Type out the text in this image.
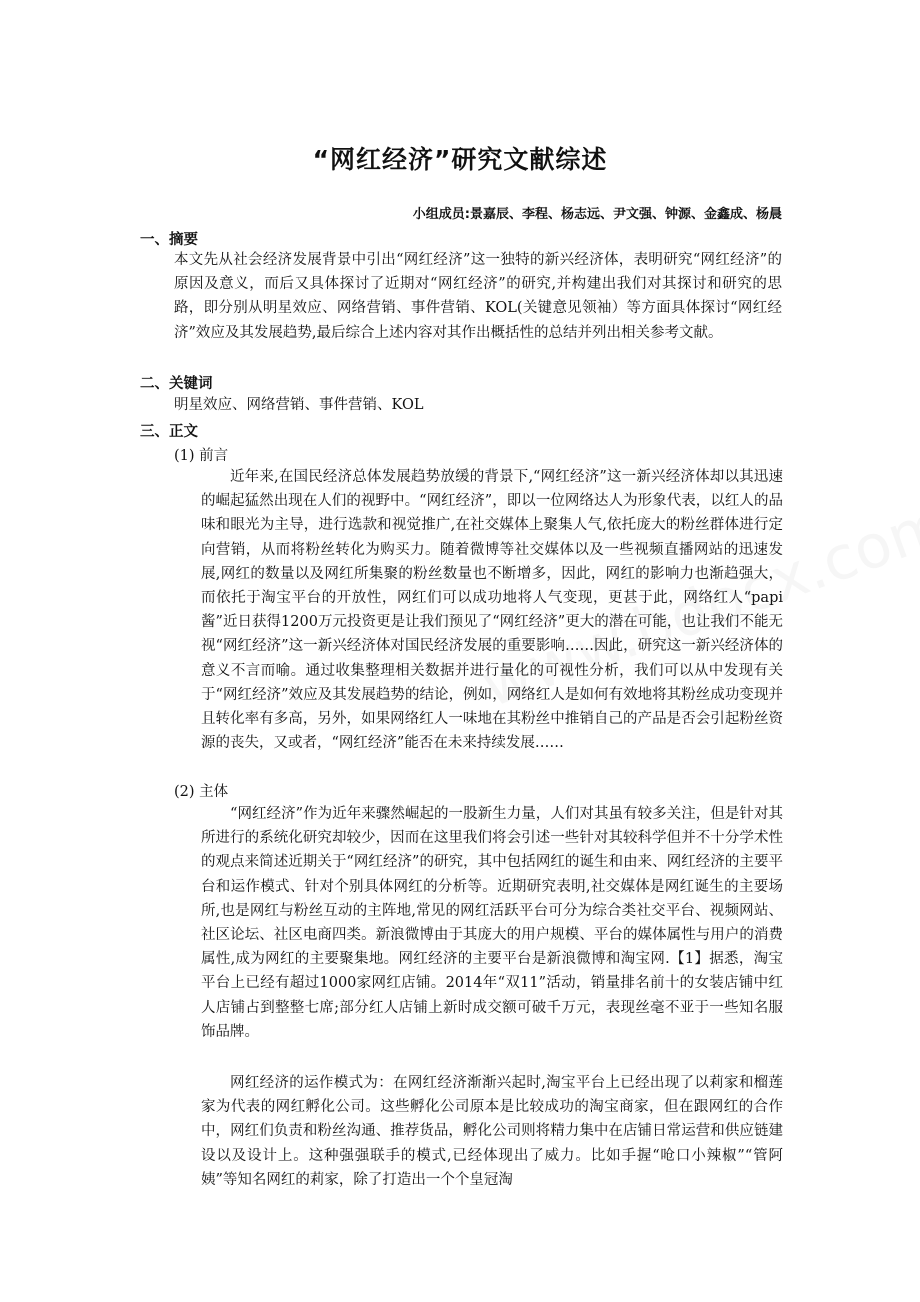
“网红经济”研究文献综述
小组成员:景嘉辰、李程、杨志远、尹文强、钟源、金鑫成、杨晨
一、摘要
本文先从社会经济发展背景中引出“网红经济”这一独特的新兴经济体，表明研究“网红经济”的原因及意义，而后又具体探讨了近期对“网红经济”的研究,并构建出我们对其探讨和研究的思路，即分别从明星效应、网络营销、事件营销、KOL(关键意见领袖）等方面具体探讨“网红经济”效应及其发展趋势,最后综合上述内容对其作出概括性的总结并列出相关参考文献。
二、关键词
明星效应、网络营销、事件营销、KOL
三、正文
(1) 前言
近年来,在国民经济总体发展趋势放缓的背景下,“网红经济”这一新兴经济体却以其迅速的崛起猛然出现在人们的视野中。“网红经济”，即以一位网络达人为形象代表，以红人的品味和眼光为主导，进行选款和视觉推广,在社交媒体上聚集人气,依托庞大的粉丝群体进行定向营销，从而将粉丝转化为购买力。随着微博等社交媒体以及一些视频直播网站的迅速发展,网红的数量以及网红所集聚的粉丝数量也不断增多，因此，网红的影响力也渐趋强大，而依托于淘宝平台的开放性，网红们可以成功地将人气变现，更甚于此，网络红人“papi酱”近日获得1200万元投资更是让我们预见了“网红经济”更大的潜在可能，也让我们不能无视“网红经济”这一新兴经济体对国民经济发展的重要影响……因此，研究这一新兴经济体的意义不言而喻。通过收集整理相关数据并进行量化的可视性分析，我们可以从中发现有关于“网红经济”效应及其发展趋势的结论，例如，网络红人是如何有效地将其粉丝成功变现并且转化率有多高，另外，如果网络红人一味地在其粉丝中推销自己的产品是否会引起粉丝资源的丧失，又或者，“网红经济”能否在未来持续发展……
(2) 主体
“网红经济”作为近年来骤然崛起的一股新生力量，人们对其虽有较多关注，但是针对其所进行的系统化研究却较少，因而在这里我们将会引述一些针对其较科学但并不十分学术性的观点来简述近期关于“网红经济”的研究，其中包括网红的诞生和由来、网红经济的主要平台和运作模式、针对个别具体网红的分析等。近期研究表明,社交媒体是网红诞生的主要场所,也是网红与粉丝互动的主阵地,常见的网红活跃平台可分为综合类社交平台、视频网站、社区论坛、社区电商四类。新浪微博由于其庞大的用户规模、平台的媒体属性与用户的消费属性,成为网红的主要聚集地。网红经济的主要平台是新浪微博和淘宝网.【1】据悉，淘宝平台上已经有超过1000家网红店铺。2014年“双11”活动，销量排名前十的女装店铺中红人店铺占到整整七席;部分红人店铺上新时成交额可破千万元，表现丝毫不亚于一些知名服饰品牌。
网红经济的运作模式为：在网红经济渐渐兴起时,淘宝平台上已经出现了以莉家和榴莲家为代表的网红孵化公司。这些孵化公司原本是比较成功的淘宝商家，但在跟网红的合作中，网红们负责和粉丝沟通、推荐货品，孵化公司则将精力集中在店铺日常运营和供应链建设以及设计上。这种强强联手的模式,已经体现出了威力。比如手握“呛口小辣椒”“管阿姨”等知名网红的莉家，除了打造出一个个皇冠淘
